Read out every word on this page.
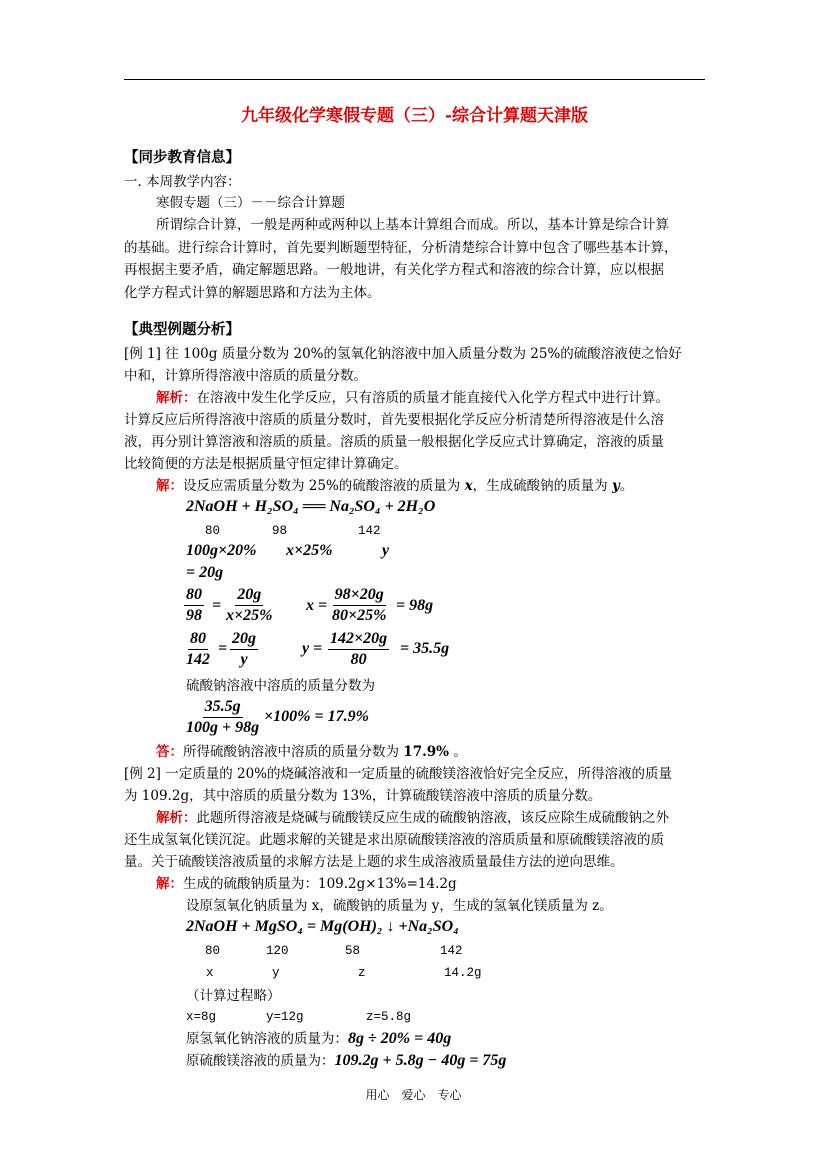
九年级化学寒假专题（三）-综合计算题天津版
【同步教育信息】
一. 本周教学内容：
寒假专题（三）－－综合计算题
所谓综合计算，一般是两种或两种以上基本计算组合而成。所以，基本计算是综合计算
的基础。进行综合计算时，首先要判断题型特征，分析清楚综合计算中包含了哪些基本计算，
再根据主要矛盾，确定解题思路。一般地讲，有关化学方程式和溶液的综合计算，应以根据
化学方程式计算的解题思路和方法为主体。
【典型例题分析】
[例 1] 往 100g 质量分数为 20%的氢氧化钠溶液中加入质量分数为 25%的硫酸溶液使之恰好
中和，计算所得溶液中溶质的质量分数。
解析：在溶液中发生化学反应，只有溶质的质量才能直接代入化学方程式中进行计算。
计算反应后所得溶液中溶质的质量分数时，首先要根据化学反应分析清楚所得溶液是什么溶
液，再分别计算溶液和溶质的质量。溶质的质量一般根据化学反应式计算确定，溶液的质量
比较简便的方法是根据质量守恒定律计算确定。
解：设反应需质量分数为 25%的硫酸溶液的质量为 x，生成硫酸钠的质量为 y。
2NaOH + H₂SO₄ ══ Na₂SO₄ + 2H₂O
80	98	142
100g×20% x×25%	y
= 20g
$\frac{80}{98} = \frac{20g}{x\times 25\%}$ $x = \frac{98\times 20g}{80\times 25\%} = 98g$
$\frac{80}{142} = \frac{20g}{y}$	$y = \frac{142\times 20g}{80} = 35.5g$
硫酸钠溶液中溶质的质量分数为
$\frac{35.5g}{100g + 98g} \times 100\% = 17.9\%$
答：所得硫酸钠溶液中溶质的质量分数为 17.9% 。
[例 2] 一定质量的 20%的烧碱溶液和一定质量的硫酸镁溶液恰好完全反应，所得溶液的质量
为 109.2g，其中溶质的质量分数为 13%，计算硫酸镁溶液中溶质的质量分数。
解析：此题所得溶液是烧碱与硫酸镁反应生成的硫酸钠溶液，该反应除生成硫酸钠之外
还生成氢氧化镁沉淀。此题求解的关键是求出原硫酸镁溶液的溶质质量和原硫酸镁溶液的质
量。关于硫酸镁溶液质量的求解方法是上题的求生成溶液质量最佳方法的逆向思维。
解：生成的硫酸钠质量为：109.2g×13%=14.2g
设原氢氧化钠质量为 x，硫酸钠的质量为 y，生成的氢氧化镁质量为 z。
2NaOH + MgSO₄ = Mg(OH)₂ ↓ +Na₂SO₄
80	120	58	142
x	y	z	14.2g
（计算过程略）
x=8g	y=12g	z=5.8g
原氢氧化钠溶液的质量为：8g ÷ 20% = 40g
原硫酸镁溶液的质量为：109.2g + 5.8g − 40g = 75g
用心 爱心 专心
